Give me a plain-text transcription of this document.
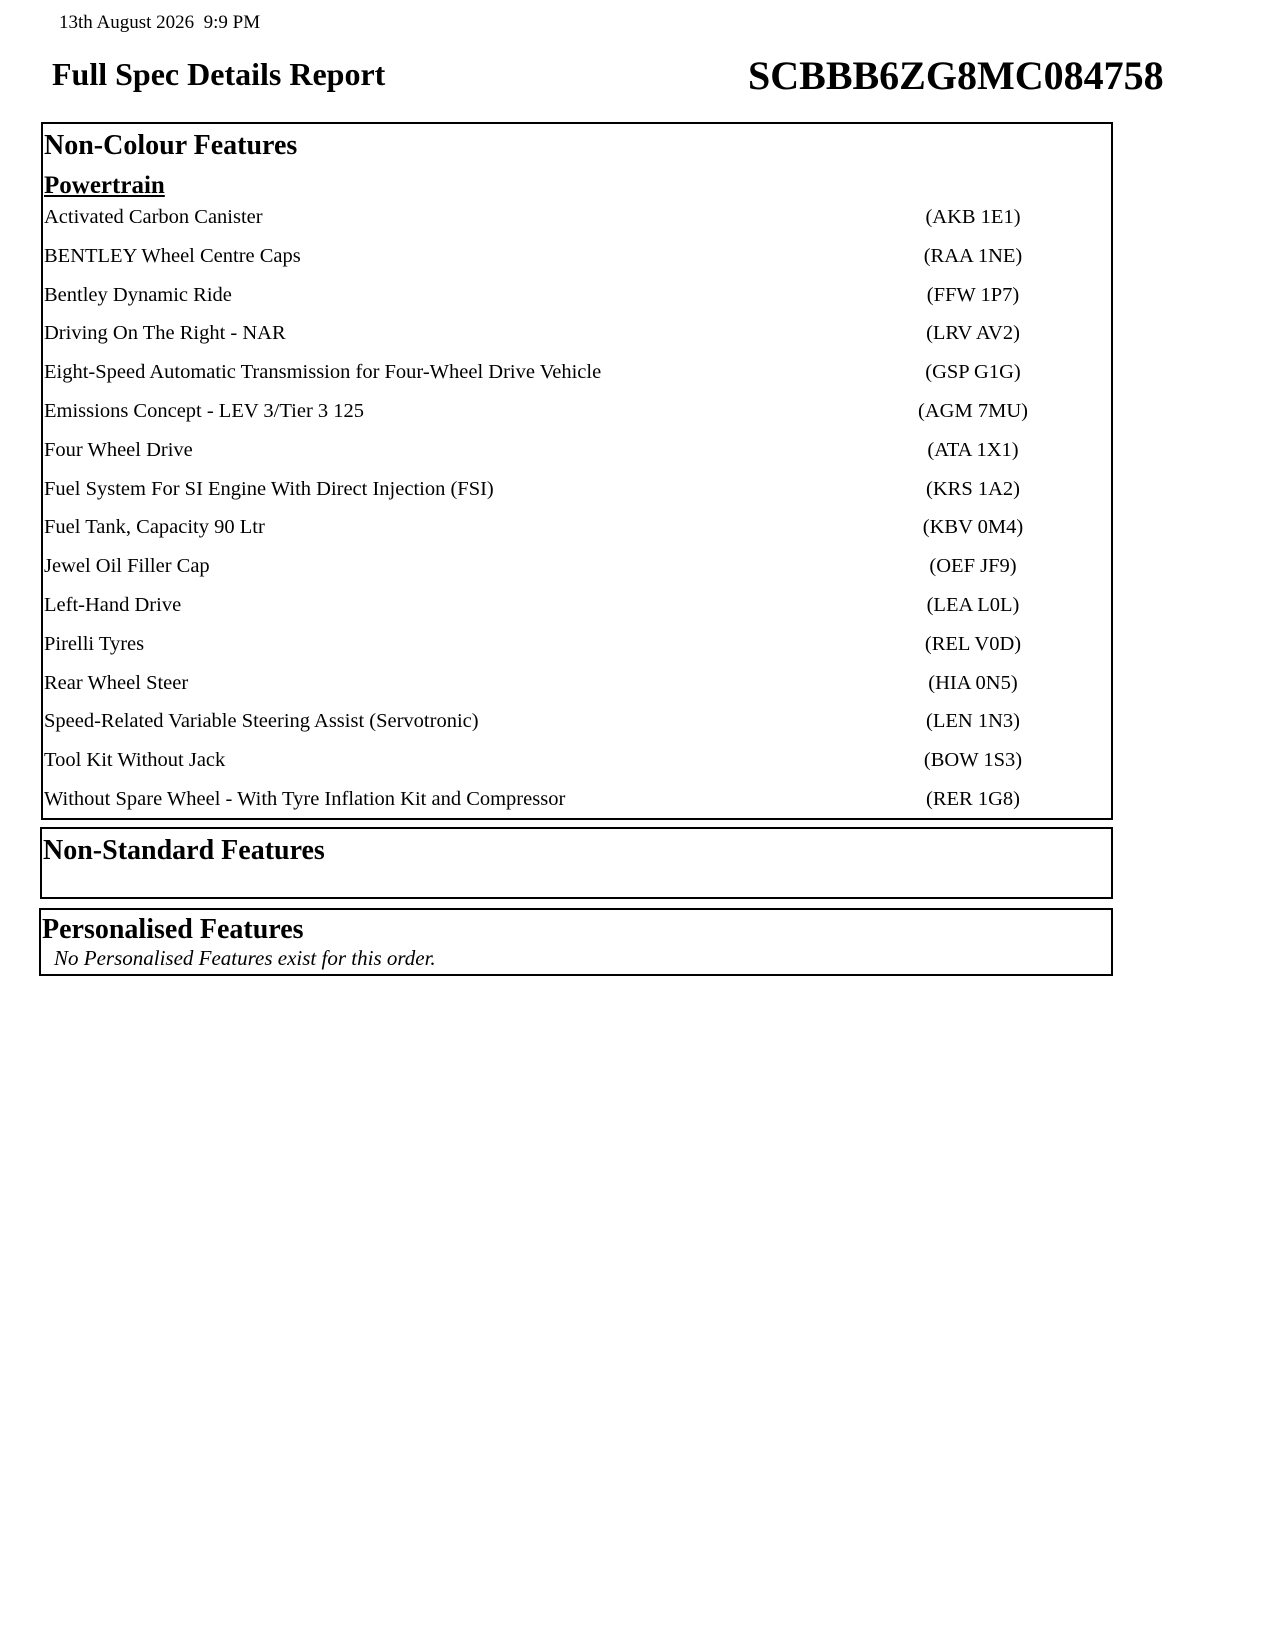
13th August 2026  9:9 PM
Full Spec Details Report	SCBBB6ZG8MC084758
Non-Colour Features
Powertrain
Activated Carbon Canister	(AKB 1E1)
BENTLEY Wheel Centre Caps	(RAA 1NE)
Bentley Dynamic Ride	(FFW 1P7)
Driving On The Right - NAR	(LRV AV2)
Eight-Speed Automatic Transmission for Four-Wheel Drive Vehicle	(GSP G1G)
Emissions Concept - LEV 3/Tier 3 125	(AGM 7MU)
Four Wheel Drive	(ATA 1X1)
Fuel System For SI Engine With Direct Injection (FSI)	(KRS 1A2)
Fuel Tank, Capacity 90 Ltr	(KBV 0M4)
Jewel Oil Filler Cap	(OEF JF9)
Left-Hand Drive	(LEA L0L)
Pirelli Tyres	(REL V0D)
Rear Wheel Steer	(HIA 0N5)
Speed-Related Variable Steering Assist (Servotronic)	(LEN 1N3)
Tool Kit Without Jack	(BOW 1S3)
Without Spare Wheel - With Tyre Inflation Kit and Compressor	(RER 1G8)
Non-Standard Features
Personalised Features
No Personalised Features exist for this order.
